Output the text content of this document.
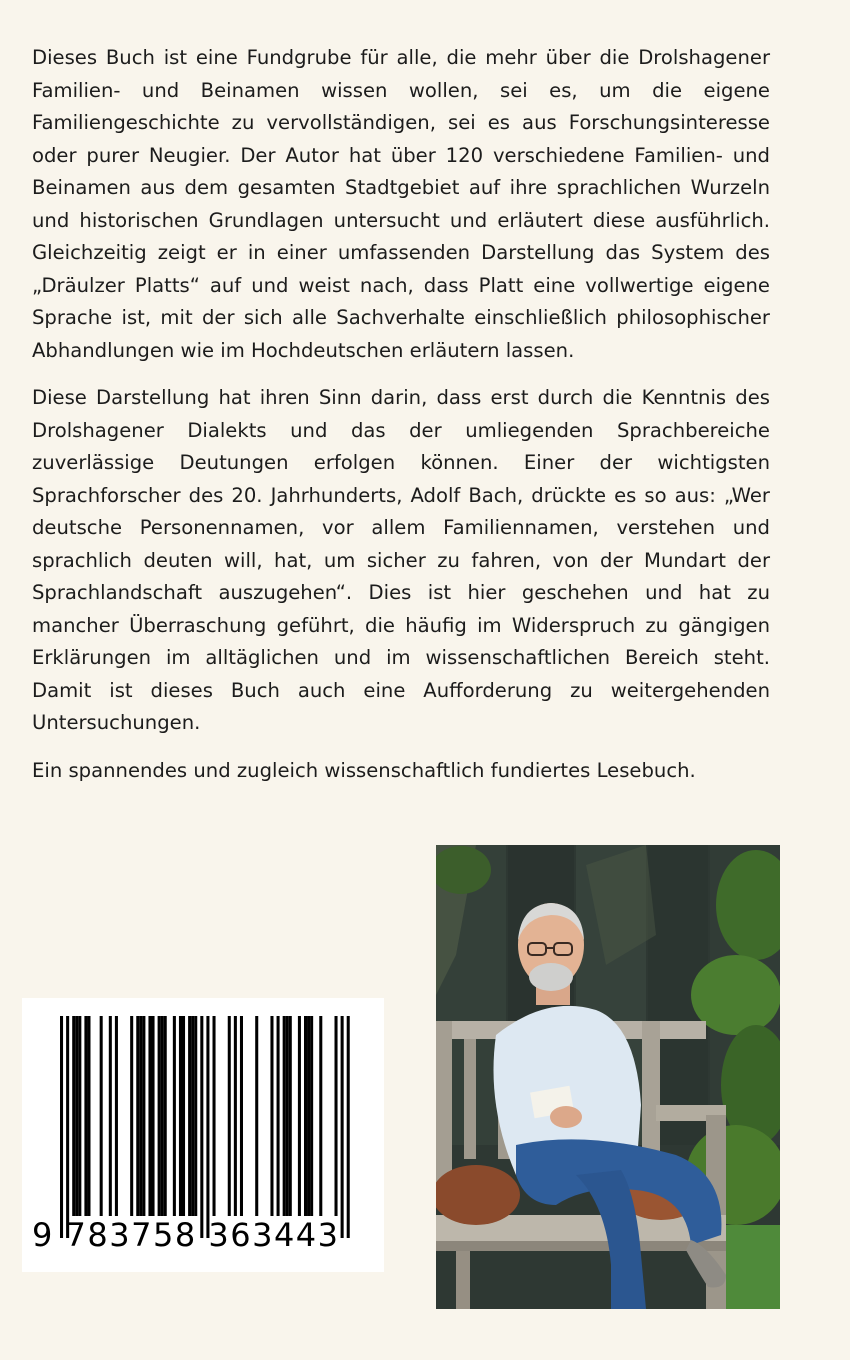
Dieses Buch ist eine Fundgrube für alle, die mehr über die Drolshagener Familien- und Beinamen wissen wollen, sei es, um die eigene Familiengeschichte zu vervollständigen, sei es aus Forschungsinteresse oder purer Neugier. Der Autor hat über 120 verschiedene Familien- und Beinamen aus dem gesamten Stadtgebiet auf ihre sprachlichen Wurzeln und historischen Grundlagen untersucht und erläutert diese ausführlich. Gleichzeitig zeigt er in einer umfassenden Darstellung das System des „Dräulzer Platts“ auf und weist nach, dass Platt eine vollwertige eigene Sprache ist, mit der sich alle Sachverhalte einschließlich philosophischer Abhandlungen wie im Hochdeutschen erläutern lassen.

Diese Darstellung hat ihren Sinn darin, dass erst durch die Kenntnis des Drolshagener Dialekts und das der umliegenden Sprachbereiche zuverlässige Deutungen erfolgen können. Einer der wichtigsten Sprachforscher des 20. Jahrhunderts, Adolf Bach, drückte es so aus: „Wer deutsche Personennamen, vor allem Familiennamen, verstehen und sprachlich deuten will, hat, um sicher zu fahren, von der Mundart der Sprachlandschaft auszugehen“. Dies ist hier geschehen und hat zu mancher Überraschung geführt, die häufig im Widerspruch zu gängigen Erklärungen im alltäglichen und im wissenschaftlichen Bereich steht. Damit ist dieses Buch auch eine Aufforderung zu weitergehenden Untersuchungen.

Ein spannendes und zugleich wissenschaftlich fundiertes Lesebuch.

9 783758 363443
